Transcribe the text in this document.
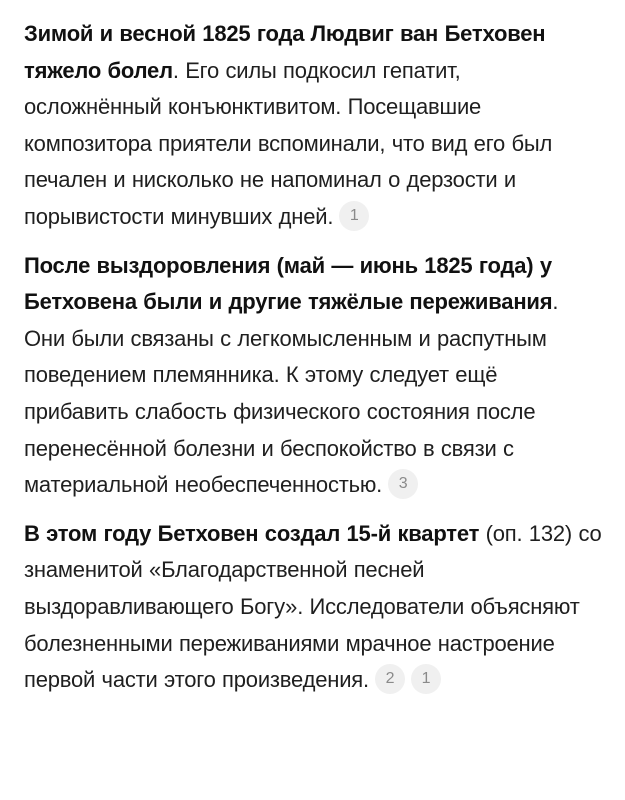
Зимой и весной 1825 года Людвиг ван Бетховен тяжело болел. Его силы подкосил гепатит, осложнённый конъюнктивитом. Посещавшие композитора приятели вспоминали, что вид его был печален и нисколько не напоминал о дерзости и порывистости минувших дней. 1

После выздоровления (май — июнь 1825 года) у Бетховена были и другие тяжёлые переживания. Они были связаны с легкомысленным и распутным поведением племянника. К этому следует ещё прибавить слабость физического состояния после перенесённой болезни и беспокойство в связи с материальной необеспеченностью. 3

В этом году Бетховен создал 15-й квартет (оп. 132) со знаменитой «Благодарственной песней выздоравливающего Богу». Исследователи объясняют болезненными переживаниями мрачное настроение первой части этого произведения. 2 1
